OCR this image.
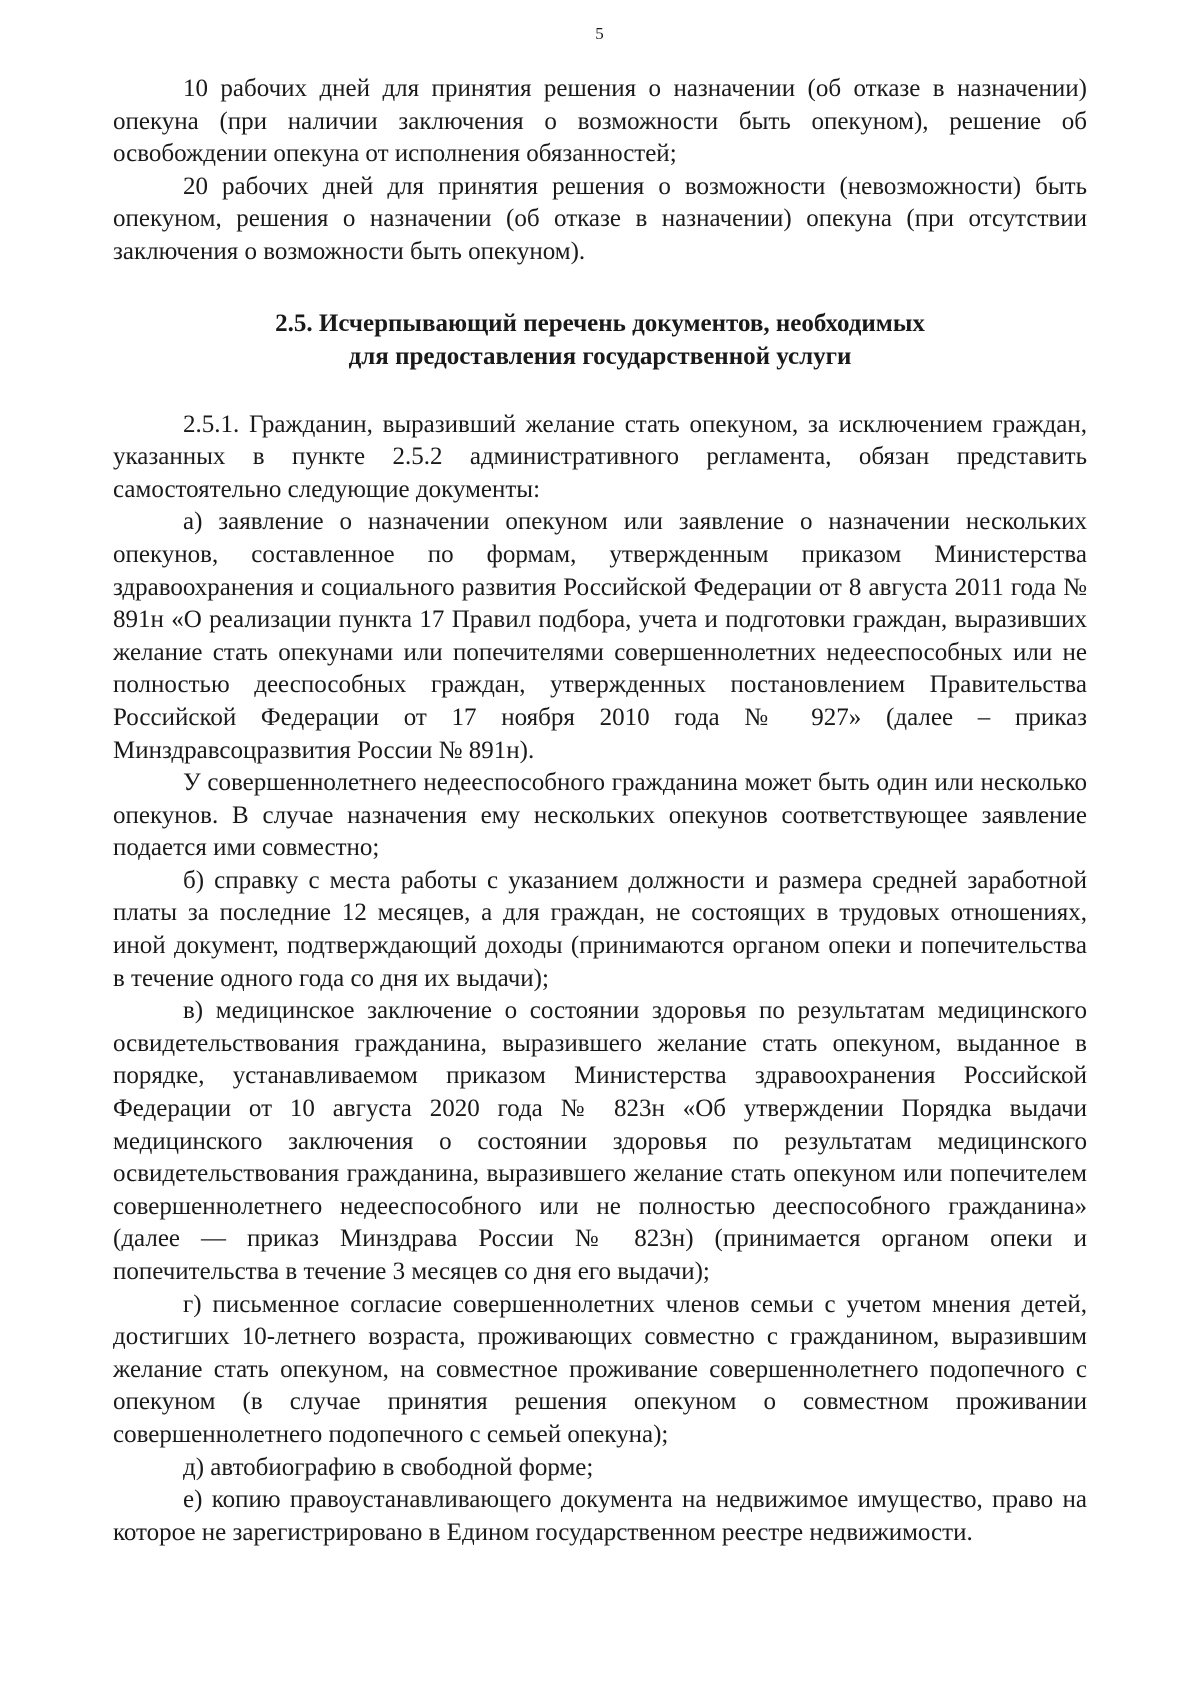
5

10 рабочих дней для принятия решения о назначении (об отказе в назначении) опекуна (при наличии заключения о возможности быть опекуном), решение об освобождении опекуна от исполнения обязанностей;

20 рабочих дней для принятия решения о возможности (невозможности) быть опекуном, решения о назначении (об отказе в назначении) опекуна (при отсутствии заключения о возможности быть опекуном).

2.5. Исчерпывающий перечень документов, необходимых
для предоставления государственной услуги

2.5.1. Гражданин, выразивший желание стать опекуном, за исключением граждан, указанных в пункте 2.5.2 административного регламента, обязан представить самостоятельно следующие документы:

а) заявление о назначении опекуном или заявление о назначении нескольких опекунов, составленное по формам, утвержденным приказом Министерства здравоохранения и социального развития Российской Федерации от 8 августа 2011 года № 891н «О реализации пункта 17 Правил подбора, учета и подготовки граждан, выразивших желание стать опекунами или попечителями совершеннолетних недееспособных или не полностью дееспособных граждан, утвержденных постановлением Правительства Российской Федерации от 17 ноября 2010 года № 927» (далее – приказ Минздравсоцразвития России № 891н).

У совершеннолетнего недееспособного гражданина может быть один или несколько опекунов. В случае назначения ему нескольких опекунов соответствующее заявление подается ими совместно;

б) справку с места работы с указанием должности и размера средней заработной платы за последние 12 месяцев, а для граждан, не состоящих в трудовых отношениях, иной документ, подтверждающий доходы (принимаются органом опеки и попечительства в течение одного года со дня их выдачи);

в) медицинское заключение о состоянии здоровья по результатам медицинского освидетельствования гражданина, выразившего желание стать опекуном, выданное в порядке, устанавливаемом приказом Министерства здравоохранения Российской Федерации от 10 августа 2020 года № 823н «Об утверждении Порядка выдачи медицинского заключения о состоянии здоровья по результатам медицинского освидетельствования гражданина, выразившего желание стать опекуном или попечителем совершеннолетнего недееспособного или не полностью дееспособного гражданина» (далее — приказ Минздрава России № 823н) (принимается органом опеки и попечительства в течение 3 месяцев со дня его выдачи);

г) письменное согласие совершеннолетних членов семьи с учетом мнения детей, достигших 10-летнего возраста, проживающих совместно с гражданином, выразившим желание стать опекуном, на совместное проживание совершеннолетнего подопечного с опекуном (в случае принятия решения опекуном о совместном проживании совершеннолетнего подопечного с семьей опекуна);

д) автобиографию в свободной форме;

е) копию правоустанавливающего документа на недвижимое имущество, право на которое не зарегистрировано в Едином государственном реестре недвижимости.
